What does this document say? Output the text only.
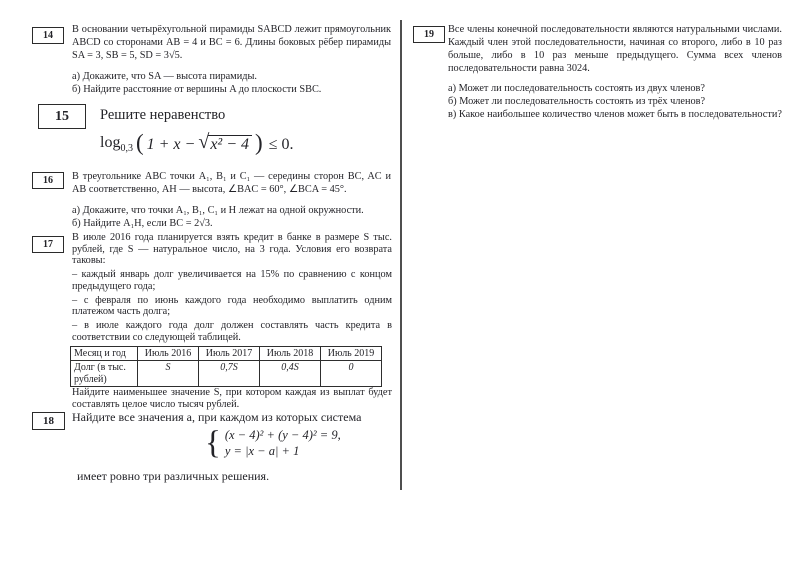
14

В основании четырёхугольной пирамиды SABCD лежит прямоугольник ABCD со сторонами AB = 4 и BC = 6. Длины боковых рёбер пирамиды SA = 3, SB = 5, SD = 3√5.

а) Докажите, что SA — высота пирамиды.

б) Найдите расстояние от вершины A до плоскости SBC.

15	Решите неравенство
$\log_{0,3}$ ( 1 + x − √ x² − 4 ) ≤ 0.
16	В треугольнике ABC точки A₁, B₁ и C₁ — середины сторон BC, AC и AB соответственно, AH — высота, ∠BAC = 60°, ∠BCA = 45°.

а) Докажите, что точки A₁, B₁, C₁ и H лежат на одной окружности.

б) Найдите A₁H, если BC = 2√3.

17

В июле 2016 года планируется взять кредит в банке в размере S тыс. рублей, где S — натуральное число, на 3 года. Условия его возврата таковы:

– каждый январь долг увеличивается на 15% по сравнению с концом предыдущего года;

– с февраля по июнь каждого года необходимо выплатить одним платежом часть долга;

– в июле каждого года долг должен составлять часть кредита в соответствии со следующей таблицей.

Месяц и год	Июль 2016	Июль 2017	Июль 2018	Июль 2019
Долг (в тыс. рублей)	S	0,7S	0,4S	0

Найдите наименьшее значение S, при котором каждая из выплат будет составлять целое число тысяч рублей.

18	Найдите все значения a, при каждом из которых система
{ (x − 4)² + (y − 4)² = 9,
y = |x − a| + 1
имеет ровно три различных решения.
19	Все члены конечной последовательности являются натуральными числами. Каждый член этой последовательности, начиная со второго, либо в 10 раз больше, либо в 10 раз меньше предыдущего. Сумма всех членов последовательности равна 3024.

а) Может ли последовательность состоять из двух членов?

б) Может ли последовательность состоять из трёх членов?

в) Какое наибольшее количество членов может быть в последовательности?
